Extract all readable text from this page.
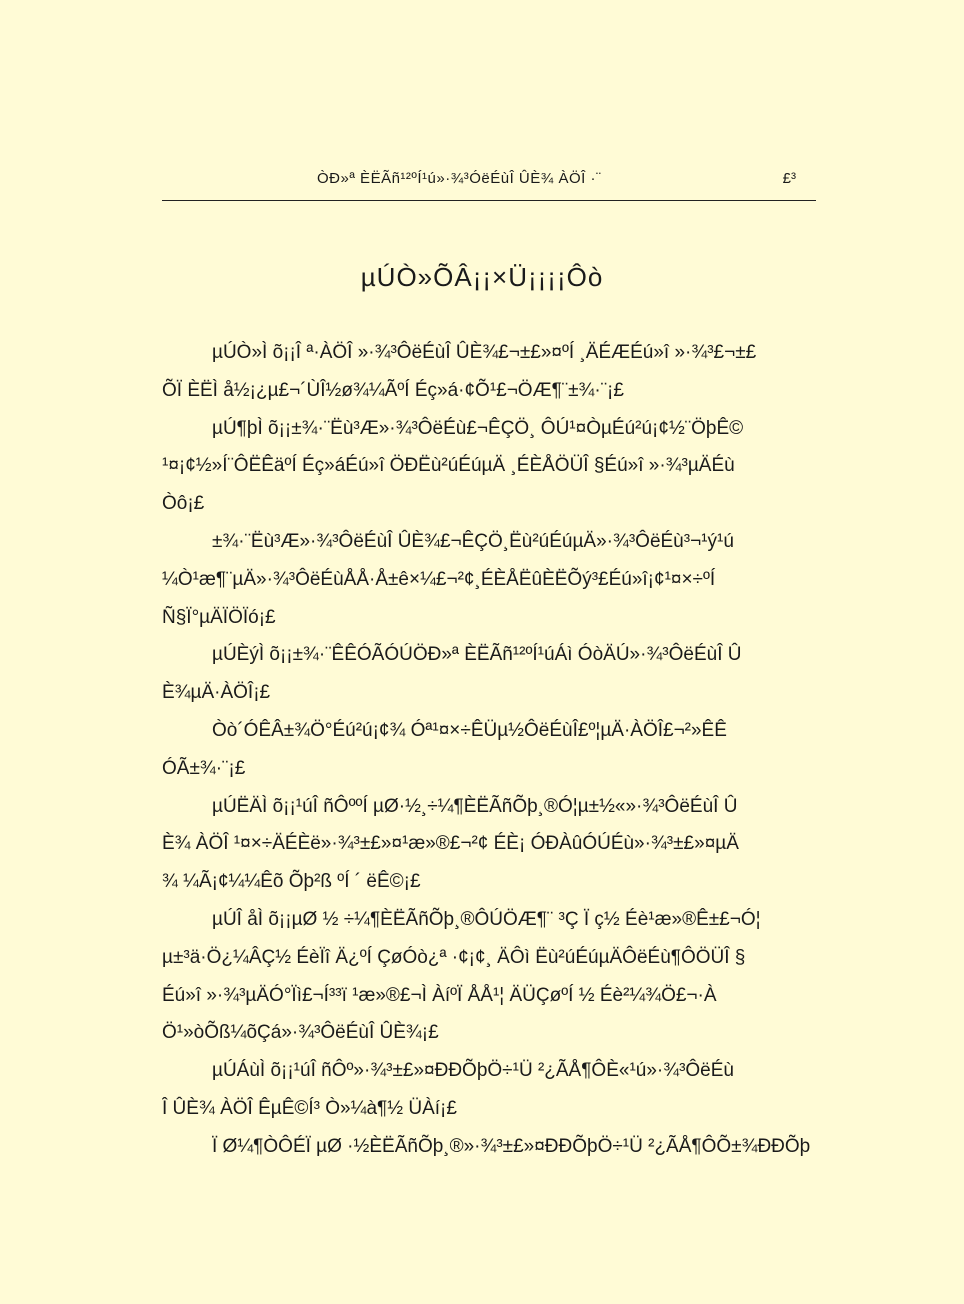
ÒÐ»ª ÈËÃñ¹²ºÍ¹ú»·¾³ÓëÉùÎ ÛÈ¾ ÀÖÎ ·¨	£³
µÚÒ»ÕÂ¡¡×Ü¡¡¡¡Ôò
µÚÒ»Ì õ¡¡Î ª·ÀÖÎ »·¾³ÔëÉùÎ ÛÈ¾£¬±£»¤ºÍ ¸ÄÉÆÉú»î »·¾³£¬±£
ÕÏ ÈËÌ å½¡¿µ£¬´ÙÎ½ø¾¼ÃºÍ Éç»á·¢Õ¹£¬ÖÆ¶¨±¾·¨¡£
µÚ¶þÌ õ¡¡±¾·¨Ëù³Æ»·¾³ÔëÉù£¬ÊÇÖ¸ ÔÚ¹¤ÒµÉú²ú¡¢½¨ÖþÊ©
¹¤¡¢½»Í¨ÔËÊäºÍ Éç»áÉú»î ÖÐËù²úÉúµÄ ¸ÉÈÅÖÜÎ §Éú»î »·¾³µÄÉù
Òô¡£
±¾·¨Ëù³Æ»·¾³ÔëÉùÎ ÛÈ¾£¬ÊÇÖ¸Ëù²úÉúµÄ»·¾³ÔëÉù³¬¹ý¹ú
¼Ò¹æ¶¨µÄ»·¾³ÔëÉùÅÅ·Å±ê×¼£¬²¢¸ÉÈÅËûÈËÕý³£Éú»î¡¢¹¤×÷ºÍ
Ñ§Ï°µÄÏÖÏó¡£
µÚÈýÌ õ¡¡±¾·¨ÊÊÓÃÓÚÖÐ»ª ÈËÃñ¹²ºÍ¹úÁì ÓòÄÚ»·¾³ÔëÉùÎ Û
È¾µÄ·ÀÖÎ¡£
Òò´ÓÊÂ±¾Ö°Éú²ú¡¢¾ Óª¹¤×÷ÊÜµ½ÔëÉùÎ£º¦µÄ·ÀÖÎ£¬²»ÊÊ
ÓÃ±¾·¨¡£
µÚËÄÌ õ¡¡¹úÎ ñÔººÍ µØ·½¸÷¼¶ÈËÃñÕþ¸®Ó¦µ±½«»·¾³ÔëÉùÎ Û
È¾ ÀÖÎ ¹¤×÷ÄÉÈë»·¾³±£»¤¹æ»®£¬²¢ ÉÈ¡ ÓÐÀûÓÚÉù»·¾³±£»¤µÄ
¾ ¼Ã¡¢¼¼Êõ Õþ²ß ºÍ ´ ëÊ©¡£
µÚÎ åÌ õ¡¡µØ ½ ÷¼¶ÈËÃñÕþ¸®ÔÚÖÆ¶¨ ³Ç Ï ç½ Éè¹æ»®Ê±£¬Ó¦
µ±³ä·Ö¿¼ÂÇ½ ÉèÏî Ä¿ºÍ ÇøÓò¿ª ·¢¡¢¸ ÄÔì Ëù²úÉúµÄÔëÉù¶ÔÖÜÎ §
Éú»î »·¾³µÄÓ°Ïì£¬Í³³ï ¹æ»®£¬Ì ÀíºÏ ÅÅ¹¦ ÄÜÇøºÍ ½ Éè²¼¾Ö£¬·À
Ö¹»òÕß¼õÇá»·¾³ÔëÉùÎ ÛÈ¾¡£
µÚÁùÌ õ¡¡¹úÎ ñÔº»·¾³±£»¤ÐÐÕþÖ÷¹Ü ²¿ÃÅ¶ÔÈ«¹ú»·¾³ÔëÉù
Î ÛÈ¾ ÀÖÎ ÊµÊ©Í³ Ò»¼à¶½ ÜÀí¡£
Ï Ø¼¶ÒÔÉÏ µØ ·½ÈËÃñÕþ¸®»·¾³±£»¤ÐÐÕþÖ÷¹Ü ²¿ÃÅ¶ÔÕ±¾ÐÐÕþ
